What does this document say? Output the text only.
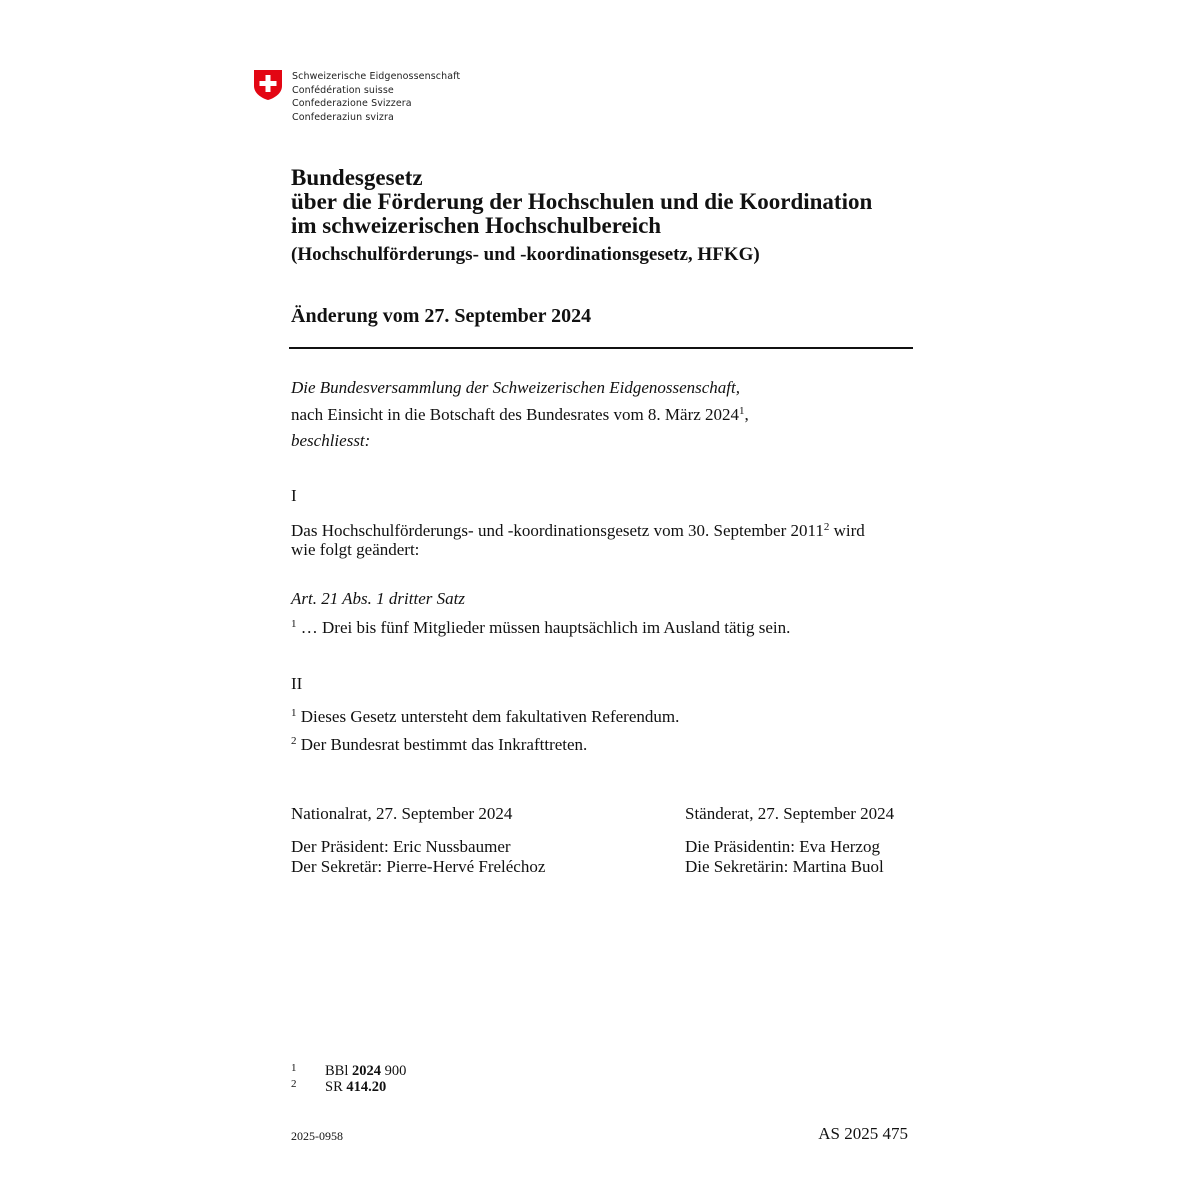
Schweizerische Eidgenossenschaft
Confédération suisse
Confederazione Svizzera
Confederaziun svizra
Bundesgesetz
über die Förderung der Hochschulen und die Koordination
im schweizerischen Hochschulbereich
(Hochschulförderungs- und -koordinationsgesetz, HFKG)
Änderung vom 27. September 2024
Die Bundesversammlung der Schweizerischen Eidgenossenschaft,
nach Einsicht in die Botschaft des Bundesrates vom 8. März 2024$^1$,
beschliesst:
I
Das Hochschulförderungs- und -koordinationsgesetz vom 30. September 2011$^2$ wird
wie folgt geändert:
Art. 21 Abs. 1 dritter Satz
$^1$ … Drei bis fünf Mitglieder müssen hauptsächlich im Ausland tätig sein.
II
$^1$ Dieses Gesetz untersteht dem fakultativen Referendum.
$^2$ Der Bundesrat bestimmt das Inkrafttreten.
Nationalrat, 27. September 2024
Der Präsident: Eric Nussbaumer
Der Sekretär: Pierre-Hervé Freléchoz
Ständerat, 27. September 2024
Die Präsidentin: Eva Herzog
Die Sekretärin: Martina Buol
1 BBl 2024 900
2 SR 414.20
2025-0958	AS 2025 475
